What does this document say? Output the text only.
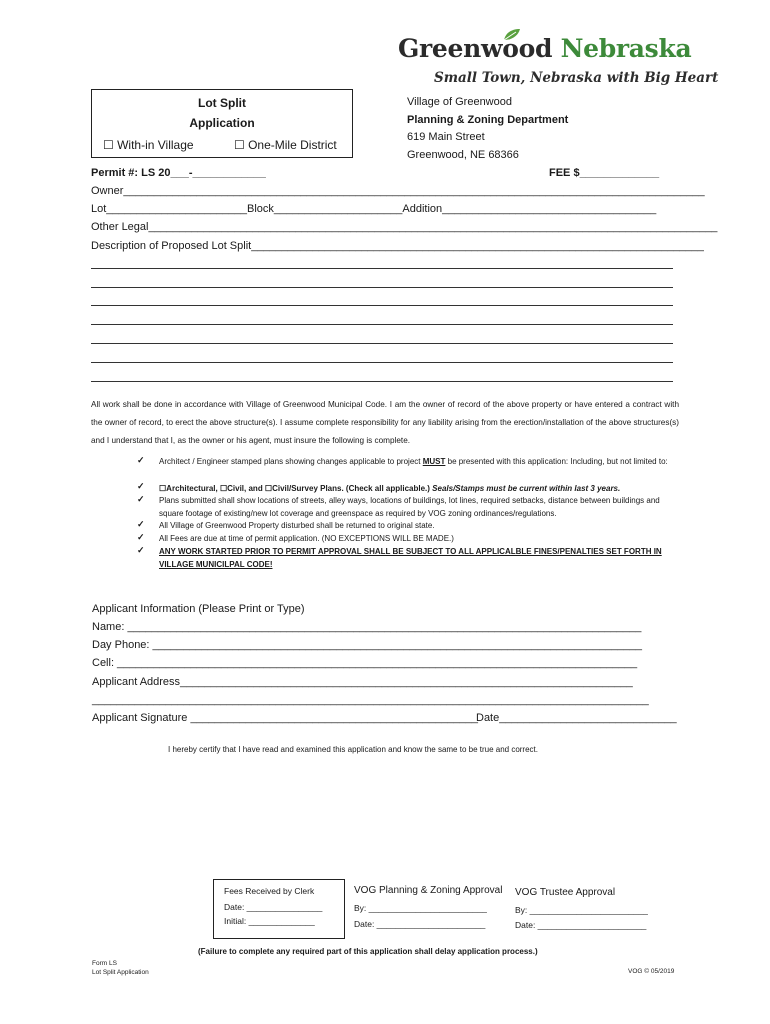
Greenwood Nebraska
Small Town, Nebraska with Big Heart
Lot Split
Application
☐ With-in Village	☐ One-Mile District
Village of Greenwood
Planning & Zoning Department
619 Main Street
Greenwood, NE 68366
Permit #: LS 20___-____________	FEE $_____________
Owner_______________________________________________________________________________________________
Lot_______________________Block_____________________Addition___________________________________
Other Legal_____________________________________________________________________________________________
Description of Proposed Lot Split__________________________________________________________________________
All work shall be done in accordance with Village of Greenwood Municipal Code. I am the owner of record of the above property or have entered a contract with the owner of record, to erect the above structure(s). I assume complete responsibility for any liability arising from the erection/installation of the above structures(s) and I understand that I, as the owner or his agent, must insure the following is complete.
✓ Architect / Engineer stamped plans showing changes applicable to project MUST be presented with this application: Including, but not limited to:
✓ ☐Architectural, ☐Civil, and ☐Civil/Survey Plans. (Check all applicable.) Seals/Stamps must be current within last 3 years.
✓ Plans submitted shall show locations of streets, alley ways, locations of buildings, lot lines, required setbacks, distance between buildings and square footage of existing/new lot coverage and greenspace as required by VOG zoning ordinances/regulations.
✓ All Village of Greenwood Property disturbed shall be returned to original state.
✓ All Fees are due at time of permit application. (NO EXCEPTIONS WILL BE MADE.)
✓ ANY WORK STARTED PRIOR TO PERMIT APPROVAL SHALL BE SUBJECT TO ALL APPLICALBLE FINES/PENALTIES SET FORTH IN VILLAGE MUNICILPAL CODE!
Applicant Information (Please Print or Type)
Name: ____________________________________________________________________________________
Day Phone: ________________________________________________________________________________
Cell: _____________________________________________________________________________________
Applicant Address__________________________________________________________________________
___________________________________________________________________________________________
Applicant Signature _______________________________________________
Date_____________________________
I hereby certify that I have read and examined this application and know the same to be true and correct.
Fees Received by Clerk
Date: ________________
Initial: ______________
VOG Planning & Zoning Approval
By: _________________________
Date: _______________________
VOG Trustee Approval
By: _________________________
Date: _______________________
(Failure to complete any required part of this application shall delay application process.)
Form LS
Lot Split Application	VOG © 05/2019
